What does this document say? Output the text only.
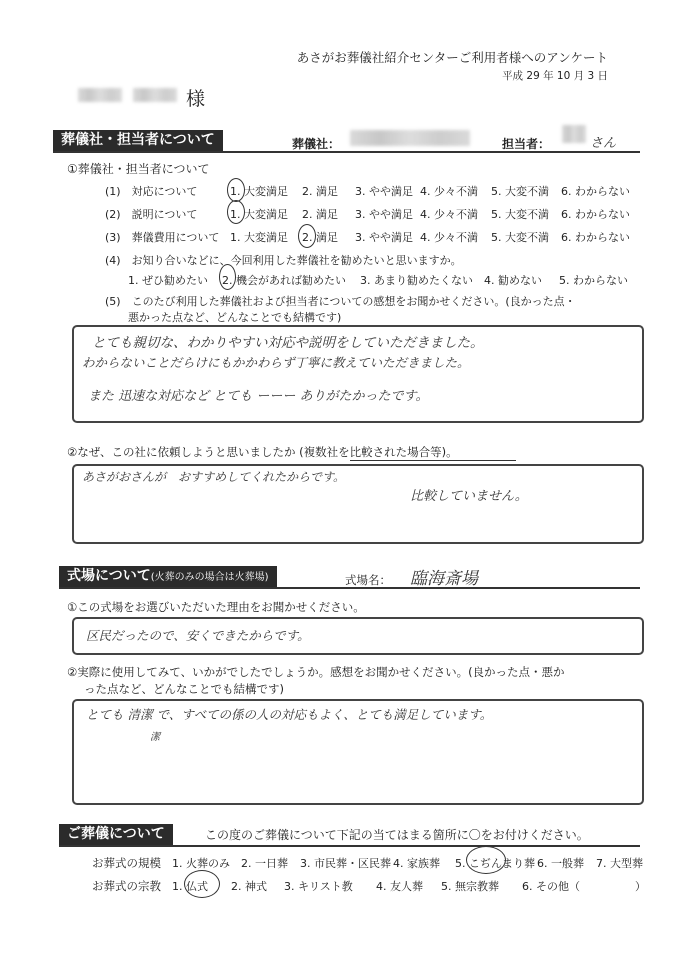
あさがお葬儀社紹介センターご利用者様へのアンケート
平成 29 年 10 月 3 日
様
葬儀社・担当者について	葬儀社：	担当者：	さん
①葬儀社・担当者について
(1)　対応について	1. 大変満足 2. 満足 3. やや満足 4. 少々不満 5. 大変不満 6. わからない
(2)　説明について	1. 大変満足 2. 満足 3. やや満足 4. 少々不満 5. 大変不満 6. わからない
(3)　葬儀費用について 1. 大変満足 2. 満足 3. やや満足 4. 少々不満 5. 大変不満 6. わからない
(4)　お知り合いなどに、今回利用した葬儀社を勧めたいと思いますか。
1. ぜひ勧めたい 2. 機会があれば勧めたい 3. あまり勧めたくない 4. 勧めない 5. わからない
(5)　このたび利用した葬儀社および担当者についての感想をお聞かせください。(良かった点・
悪かった点など、どんなことでも結構です)
とても親切な、わかりやすい対応や説明をしていただきました。
わからないことだらけにもかかわらず丁寧に教えていただきました。
また 迅速な対応など とても ーーー ありがたかったです。
②なぜ、この社に依頼しようと思いましたか (複数社を比較された場合等)。
あさがおさんが　おすすめしてくれたからです。
比較していません。
式場について(火葬のみの場合は火葬場)	式場名： 臨海斎場
①この式場をお選びいただいた理由をお聞かせください。
区民だったので、安くできたからです。
②実際に使用してみて、いかがでしたでしょうか。感想をお聞かせください。(良かった点・悪か
った点など、どんなことでも結構です)
とても 清潔 で、すべての係の人の対応もよく、とても満足しています。
潔
ご葬儀について	この度のご葬儀について下記の当てはまる箇所に〇をお付けください。
お葬式の規模 1. 火葬のみ 2. 一日葬 3. 市民葬・区民葬 4. 家族葬 5. こぢんまり葬 6. 一般葬 7. 大型葬
お葬式の宗教 1. 仏式 2. 神式 3. キリスト教 4. 友人葬 5. 無宗教葬 6. その他（　　　　　）
